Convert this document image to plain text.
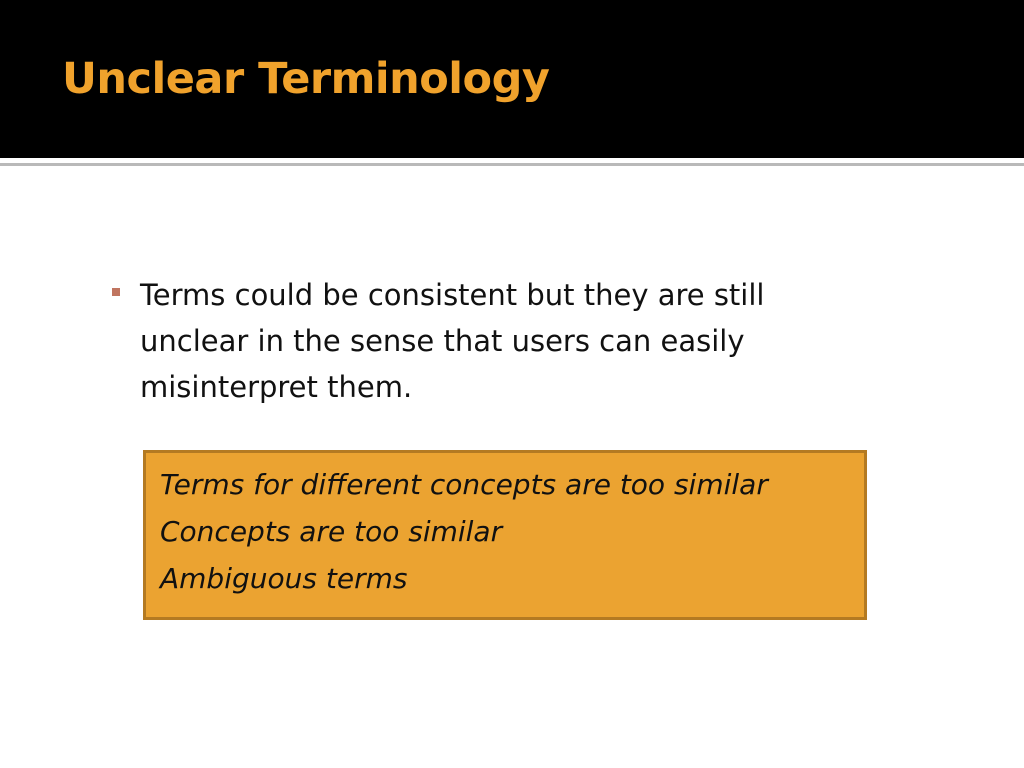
Unclear Terminology
Terms could be consistent but they are still unclear in the sense that users can easily misinterpret them.
Terms for different concepts are too similar
Concepts are too similar
Ambiguous terms
